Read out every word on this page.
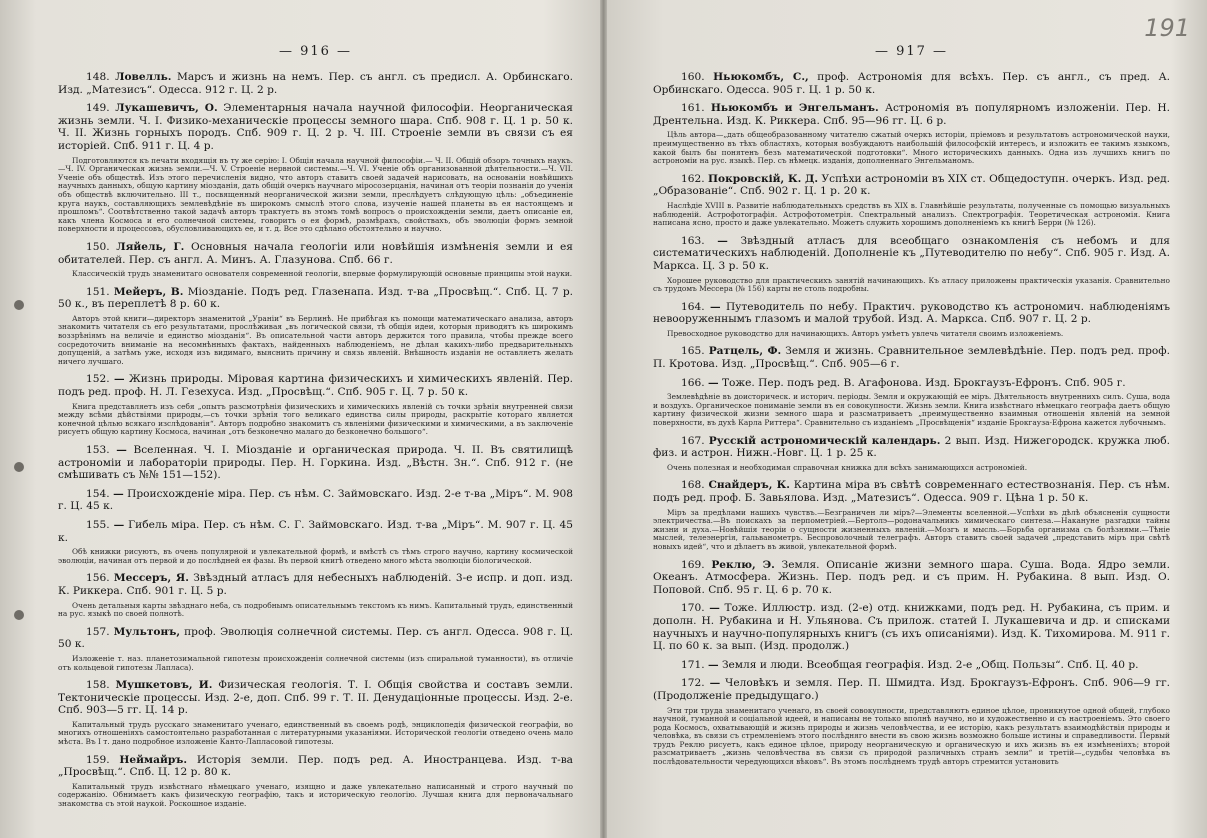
— 916 —

148. Ловелль. Марсъ и жизнь на немъ. Пер. съ англ. съ предисл. А. Орбинскаго. Изд. „Матезисъ“. Одесса. 912 г. Ц. 2 р.

149. Лукашевичъ, О. Элементарныя начала научной философіи. Неорганическая жизнь земли. Ч. I. Физико-механическіе процессы земного шара. Спб. 908 г. Ц. 1 р. 50 к. Ч. II. Жизнь горныхъ породъ. Спб. 909 г. Ц. 2 р. Ч. III. Строеніе земли въ связи съ ея исторіей. Спб. 911 г. Ц. 4 р.

Подготовляются къ печати входящія въ ту же серію: I. Общія начала научной философіи.— Ч. II. Общій обзоръ точныхъ наукъ.—Ч. IV. Органическая жизнь земли.—Ч. V. Строеніе нервной системы.—Ч. VI. Ученіе объ организованной дѣятельности.—Ч. VII. Ученіе объ обществѣ. Изъ этого перечисленія видно, что авторъ ставитъ своей задачей нарисовать, на основаніи новѣйшихъ научныхъ данныхъ, общую картину міозданія, дать общій очеркъ научнаго міросозерцанія, начиная отъ теоріи познанія до ученія объ обществѣ включительно. III т., посвященный неорганической жизни земли, преслѣдуетъ слѣдующую цѣль: „объединеніе круга наукъ, составляющихъ землевѣдѣніе въ широкомъ смыслѣ этого слова, изученіе нашей планеты въ ея настоящемъ и прошломъ“. Соотвѣтственно такой задачѣ авторъ трактуетъ въ этомъ томѣ вопросъ о происхожденіи земли, даетъ описаніе ея, какъ члена Космоса и его солнечной системы, говоритъ о ея формѣ, размѣрахъ, свойствахъ, объ эволюціи формъ земной поверхности и процессовъ, обусловливающихъ ее, и т. д. Все это сдѣлано обстоятельно и научно.

150. Ляйель, Г. Основныя начала геологіи или новѣйшія измѣненія земли и ея обитателей. Пер. съ англ. А. Минъ. А. Глазунова. Спб. 66 г.

Классическій трудъ знаменитаго основателя современной геологіи, впервые формулирующій основные принципы этой науки.

151. Мейеръ, В. Міозданіе. Подъ ред. Глазенапа. Изд. т-ва „Просвѣщ.“. Спб. Ц. 7 р. 50 к., въ переплетѣ 8 р. 60 к.

Авторъ этой книги—директоръ знаменитой „Ураніи“ въ Берлинѣ. Не прибѣгая къ помощи математическаго анализа, авторъ знакомитъ читателя съ его результатами, прослѣживая „въ логической связи, тѣ общія идеи, которыя приводятъ къ широкимъ воззрѣніямъ на величіе и единство міозданія“. Въ описательной части авторъ держится того правила, чтобы прежде всего сосредоточить вниманіе на несомнѣнныхъ фактахъ, найденныхъ наблюденіемъ, не дѣлая какихъ-либо предварительныхъ допущеній, а затѣмъ уже, исходя изъ видимаго, выяснить причину и связь явленій. Внѣшность изданія не оставляетъ желать ничего лучшаго.

152. — Жизнь природы. Міровая картина физическихъ и химическихъ явленій. Пер. подъ ред. проф. Н. Л. Гезехуса. Изд. „Просвѣщ.“. Спб. 905 г. Ц. 7 р. 50 к.

Книга представляетъ изъ себя „опытъ разсмотрѣнія физическихъ и химическихъ явленій съ точки зрѣнія внутренней связи между всѣми дѣйствіями природы,—съ точки зрѣнія того великаго единства силы природы, раскрытіе котораго является конечной цѣлью всякаго изслѣдованія“. Авторъ подробно знакомитъ съ явленіями физическими и химическими, а въ заключеніе рисуетъ общую картину Космоса, начиная „отъ безконечно малаго до безконечно большого“.

153. — Вселенная. Ч. I. Міозданіе и органическая природа. Ч. II. Въ святилищѣ астрономіи и лабораторіи природы. Пер. Н. Горкина. Изд. „Вѣстн. Зн.“. Спб. 912 г. (не смѣшивать съ №№ 151—152).

154. — Происхожденіе міра. Пер. съ нѣм. С. Займовскаго. Изд. 2-е т-ва „Міръ“. М. 908 г. Ц. 45 к.

155. — Гибель міра. Пер. съ нѣм. С. Г. Займовскаго. Изд. т-ва „Міръ“. М. 907 г. Ц. 45 к.

Обѣ книжки рисуютъ, въ очень популярной и увлекательной формѣ, и вмѣстѣ съ тѣмъ строго научно, картину космической эволюціи, начиная отъ первой и до послѣдней ея фазы. Въ первой книгѣ отведено много мѣста эволюціи біологической.

156. Мессеръ, Я. Звѣздный атласъ для небесныхъ наблюденій. 3-е испр. и доп. изд. К. Риккера. Спб. 901 г. Ц. 5 р.

Очень детальныя карты звѣзднаго неба, съ подробнымъ описательнымъ текстомъ къ нимъ. Капитальный трудъ, единственный на рус. языкѣ по своей полнотѣ.

157. Мультонъ, проф. Эволюція солнечной системы. Пер. съ англ. Одесса. 908 г. Ц. 50 к.

Изложеніе т. наз. планетозимальной гипотезы происхожденія солнечной системы (изъ спиральной туманности), въ отличіе отъ кольцевой гипотезы Лапласа).

158. Мушкетовъ, И. Физическая геологія. Т. I. Общія свойства и составъ земли. Тектоническіе процессы. Изд. 2-е, доп. Спб. 99 г. Т. II. Денудаціонные процессы. Изд. 2-е. Спб. 903—5 гг. Ц. 14 р.

Капитальный трудъ русскаго знаменитаго ученаго, единственный въ своемъ родѣ, энциклопедія физической географіи, во многихъ отношеніяхъ самостоятельно разработанная с литературными указаніями. Исторической геологіи отведено очень мало мѣста. Въ I т. дано подробное изложеніе Канто-Лапласовой гипотезы.

159. Неймайръ. Исторія земли. Пер. подъ ред. А. Иностранцева. Изд. т-ва „Просвѣщ.“. Спб. Ц. 12 р. 80 к.

Капитальный трудъ извѣстнаго нѣмецкаго ученаго, изящно и даже увлекательно написанный и строго научный по содержанію. Обнимаетъ какъ физическую географію, такъ и историческую геологію. Лучшая книга для первоначальнаго знакомства съ этой наукой. Роскошное изданіе.

191
— 917 —

160. Ньюкомбъ, С., проф. Астрономія для всѣхъ. Пер. съ англ., съ пред. А. Орбинскаго. Одесса. 905 г. Ц. 1 р. 50 к.

161. Ньюкомбъ и Энгельманъ. Астрономія въ популярномъ изложеніи. Пер. Н. Дрентельна. Изд. К. Риккера. Спб. 95—96 гг. Ц. 6 р.

Цѣль автора—„дать общеобразованному читателю сжатый очеркъ исторіи, пріемовъ и результатовъ астрономической науки, преимущественно въ тѣхъ областяхъ, которыя возбуждаютъ наибольшій философскій интересъ, и изложить ее такимъ языкомъ, какой былъ бы понятенъ безъ математической подготовки“. Много историческихъ данныхъ. Одна изъ лучшихъ книгъ по астрономіи на рус. языкѣ. Пер. съ нѣмецк. изданія, дополненнаго Энгельманомъ.

162. Покровскій, К. Д. Успѣхи астрономіи въ XIX ст. Общедоступн. очеркъ. Изд. ред. „Образованіе“. Спб. 902 г. Ц. 1 р. 20 к.

Наслѣдіе XVIII в. Развитіе наблюдательныхъ средствъ въ XIX в. Главнѣйшіе результаты, полученные съ помощью визуальныхъ наблюденій. Астрофотографія. Астрофотометрія. Спектральный анализъ. Спектрографія. Теоретическая астрономія. Книга написана ясно, просто и даже увлекательно. Можетъ служить хорошимъ дополненіемъ къ книгѣ Берри (№ 126).

163. — Звѣздный атласъ для всеобщаго ознакомленія съ небомъ и для систематическихъ наблюденій. Дополненіе къ „Путеводителю по небу“. Спб. 905 г. Изд. А. Маркса. Ц. 3 р. 50 к.

Хорошее руководство для практическихъ занятій начинающихъ. Къ атласу приложены практическія указанія. Сравнительно съ трудомъ Мессера (№ 156) карты не столь подробны.

164. — Путеводитель по небу. Практич. руководство къ астрономич. наблюденіямъ невооруженнымъ глазомъ и малой трубой. Изд. А. Маркса. Спб. 907 г. Ц. 2 р.

Превосходное руководство для начинающихъ. Авторъ умѣетъ увлечь читателя своимъ изложеніемъ.

165. Ратцель, Ф. Земля и жизнь. Сравнительное землевѣдѣніе. Пер. подъ ред. проф. П. Кротова. Изд. „Просвѣщ.“. Спб. 905—6 г.

166. — Тоже. Пер. подъ ред. В. Агафонова. Изд. Брокгаузъ-Ефронъ. Спб. 905 г.

Землевѣдѣніе въ доисторическ. и историч. періоды. Земля и окружающій ее міръ. Дѣятельность внутреннихъ силъ. Суша, вода и воздухъ. Органическое пониманіе земли въ ея совокупности. Жизнь земли. Книга извѣстнаго нѣмецкаго географа даетъ общую картину физической жизни земного шара и разсматриваетъ „преимущественно взаимныя отношенія явленій на земной поверхности, въ духѣ Карла Риттера“. Сравнительно съ изданіемъ „Просвѣщенія“ изданіе Брокгауза-Ефрона кажется лубочнымъ.

167. Русскій астрономическій календарь. 2 вып. Изд. Нижегородск. кружка люб. физ. и астрон. Нижн.-Новг. Ц. 1 р. 25 к.

Очень полезная и необходимая справочная книжка для всѣхъ занимающихся астрономіей.

168. Снайдеръ, К. Картина міра въ свѣтѣ современнаго естествознанія. Пер. съ нѣм. подъ ред. проф. Б. Завьялова. Изд. „Матезисъ“. Одесса. 909 г. Цѣна 1 р. 50 к.

Міръ за предѣлами нашихъ чувствъ.—Безграничен ли міръ?—Элементы вселенной.—Успѣхи въ дѣлѣ объясненія сущности электричества.—Въ поискахъ за перпометріей.—Бертолэ—родоначальникъ химическаго синтеза.—Накануне разгадки тайны жизни и духа.—Новѣйшія теоріи о сущности жизненныхъ явленій.—Мозгъ и мысль.—Борьба организма съ болѣзнями.—Тѣніе мыслей, телеэнергія, гальванометръ. Беспроволочный телеграфъ. Авторъ ставитъ своей задачей „представить міръ при свѣтѣ новыхъ идей“, что и дѣлаетъ въ живой, увлекательной формѣ.

169. Реклю, Э. Земля. Описаніе жизни земного шара. Суша. Вода. Ядро земли. Океанъ. Атмосфера. Жизнь. Пер. подъ ред. и съ прим. Н. Рубакина. 8 вып. Изд. О. Поповой. Спб. 95 г. Ц. 6 р. 70 к.

170. — Тоже. Иллюстр. изд. (2-е) отд. книжками, подъ ред. Н. Рубакина, съ прим. и дополн. Н. Рубакина и Н. Ульянова. Съ прилож. статей I. Лукашевича и др. и списками научныхъ и научно-популярныхъ книгъ (съ ихъ описаніями). Изд. К. Тихомирова. М. 911 г. Ц. по 60 к. за вып. (Изд. продолж.)

171. — Земля и люди. Всеобщая географія. Изд. 2-е „Общ. Пользы“. Спб. Ц. 40 р.

172. — Человѣкъ и земля. Пер. П. Шмидта. Изд. Брокгаузъ-Ефронъ. Спб. 906—9 гг. (Продолженіе предыдущаго.)

Эти три труда знаменитаго ученаго, въ своей совокупности, представляютъ единое цѣлое, проникнутое одной общей, глубоко научной, гуманной и соціальной идеей, и написаны не только вполнѣ научно, но и художественно и съ настроеніемъ. Это своего рода Космосъ, охватывающій и жизнь природы и жизнь человѣчества, и ее исторію, какъ результатъ взаимодѣйствія природы и человѣка, въ связи съ стремленіемъ этого послѣдняго внести въ свою жизнь возможно больше истины и справедливости. Первый трудъ Реклю рисуетъ, какъ единое цѣлое, природу неорганическую и органическую и ихъ жизнь въ ея измѣненіяхъ; второй разсматриваетъ „жизнь человѣчества въ связи съ природой различныхъ странъ земли“ и третій—„судьбы человѣка въ послѣдовательности чередующихся вѣковъ“. Въ этомъ послѣднемъ трудѣ авторъ стремится установить
